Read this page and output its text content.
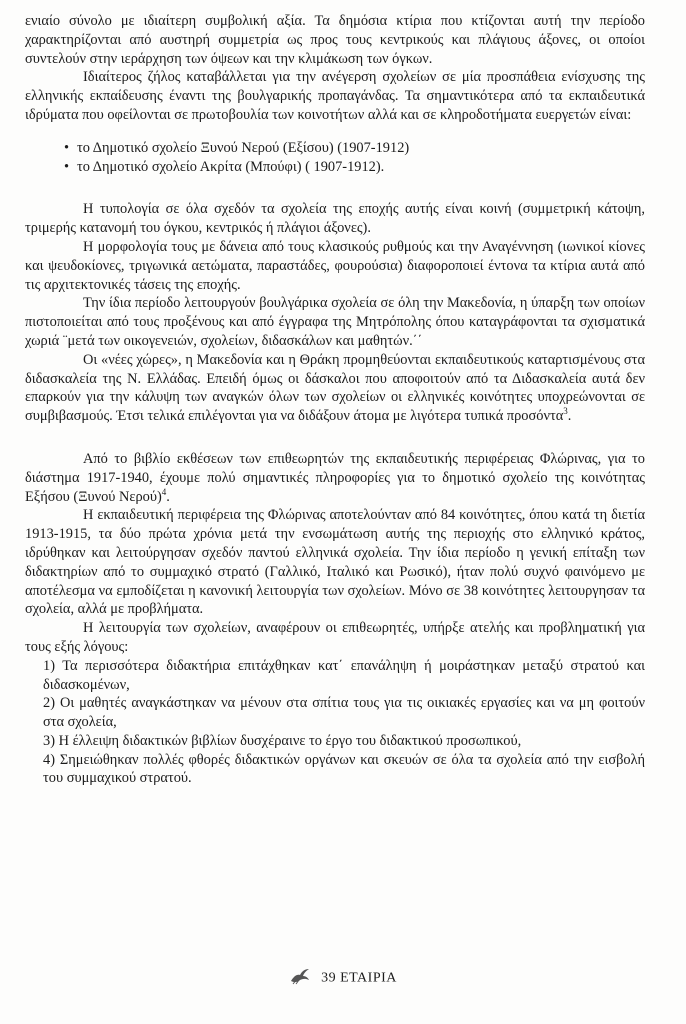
ενιαίο σύνολο με ιδιαίτερη συμβολική αξία. Τα δημόσια κτίρια που κτίζονται αυτή την περίοδο χαρακτηρίζονται από αυστηρή συμμετρία ως προς τους κεντρικούς και πλάγιους άξονες, οι οποίοι συντελούν στην ιεράρχηση των όψεων και την κλιμάκωση των όγκων.

Ιδιαίτερος ζήλος καταβάλλεται για την ανέγερση σχολείων σε μία προσπάθεια ενίσχυσης της ελληνικής εκπαίδευσης έναντι της βουλγαρικής προπαγάνδας. Τα σημαντικότερα από τα εκπαιδευτικά ιδρύματα που οφείλονται σε πρωτοβουλία των κοινοτήτων αλλά και σε κληροδοτήματα ευεργετών είναι:

• το Δημοτικό σχολείο Ξυνού Νερού (Εξίσου) (1907-1912)
• το Δημοτικό σχολείο Ακρίτα (Μπούφι) ( 1907-1912).

Η τυπολογία σε όλα σχεδόν τα σχολεία της εποχής αυτής είναι κοινή (συμμετρική κάτοψη, τριμερής κατανομή του όγκου, κεντρικός ή πλάγιοι άξονες).

Η μορφολογία τους με δάνεια από τους κλασικούς ρυθμούς και την Αναγέννηση (ιωνικοί κίονες και ψευδοκίονες, τριγωνικά αετώματα, παραστάδες, φουρούσια) διαφοροποιεί έντονα τα κτίρια αυτά από τις αρχιτεκτονικές τάσεις της εποχής.

Την ίδια περίοδο λειτουργούν βουλγάρικα σχολεία σε όλη την Μακεδονία, η ύπαρξη των οποίων πιστοποιείται από τους προξένους και από έγγραφα της Μητρόπολης όπου καταγράφονται τα σχισματικά χωριά ¨μετά των οικογενειών, σχολείων, διδασκάλων και μαθητών.΄΄

Οι «νέες χώρες», η Μακεδονία και η Θράκη προμηθεύονται εκπαιδευτικούς καταρτισμένους στα διδασκαλεία της Ν. Ελλάδας. Επειδή όμως οι δάσκαλοι που αποφοιτούν από τα Διδασκαλεία αυτά δεν επαρκούν για την κάλυψη των αναγκών όλων των σχολείων οι ελληνικές κοινότητες υποχρεώνονται σε συμβιβασμούς. Έτσι τελικά επιλέγονται για να διδάξουν άτομα με λιγότερα τυπικά προσόντα$^3$.

Από το βιβλίο εκθέσεων των επιθεωρητών της εκπαιδευτικής περιφέρειας Φλώρινας, για το διάστημα 1917-1940, έχουμε πολύ σημαντικές πληροφορίες για το δημοτικό σχολείο της κοινότητας Εξήσου (Ξυνού Νερού)$^4$.

Η εκπαιδευτική περιφέρεια της Φλώρινας αποτελούνταν από 84 κοινότητες, όπου κατά τη διετία 1913-1915, τα δύο πρώτα χρόνια μετά την ενσωμάτωση αυτής της περιοχής στο ελληνικό κράτος, ιδρύθηκαν και λειτούργησαν σχεδόν παντού ελληνικά σχολεία. Την ίδια περίοδο η γενική επίταξη των διδακτηρίων από το συμμαχικό στρατό (Γαλλικό, Ιταλικό και Ρωσικό), ήταν πολύ συχνό φαινόμενο με αποτέλεσμα να εμποδίζεται η κανονική λειτουργία των σχολείων. Μόνο σε 38 κοινότητες λειτουργησαν τα σχολεία, αλλά με προβλήματα.

Η λειτουργία των σχολείων, αναφέρουν οι επιθεωρητές, υπήρξε ατελής και προβληματική για τους εξής λόγους:

1) Τα περισσότερα διδακτήρια επιτάχθηκαν κατ΄ επανάληψη ή μοιράστηκαν μεταξύ στρατού και διδασκομένων,

2) Οι μαθητές αναγκάστηκαν να μένουν στα σπίτια τους για τις οικιακές εργασίες και να μη φοιτούν στα σχολεία,

3) Η έλλειψη διδακτικών βιβλίων δυσχέραινε το έργο του διδακτικού προσωπικού,

4) Σημειώθηκαν πολλές φθορές διδακτικών οργάνων και σκευών σε όλα τα σχολεία από την εισβολή του συμμαχικού στρατού.

39 ΕΤΑΙΡΙΑ
